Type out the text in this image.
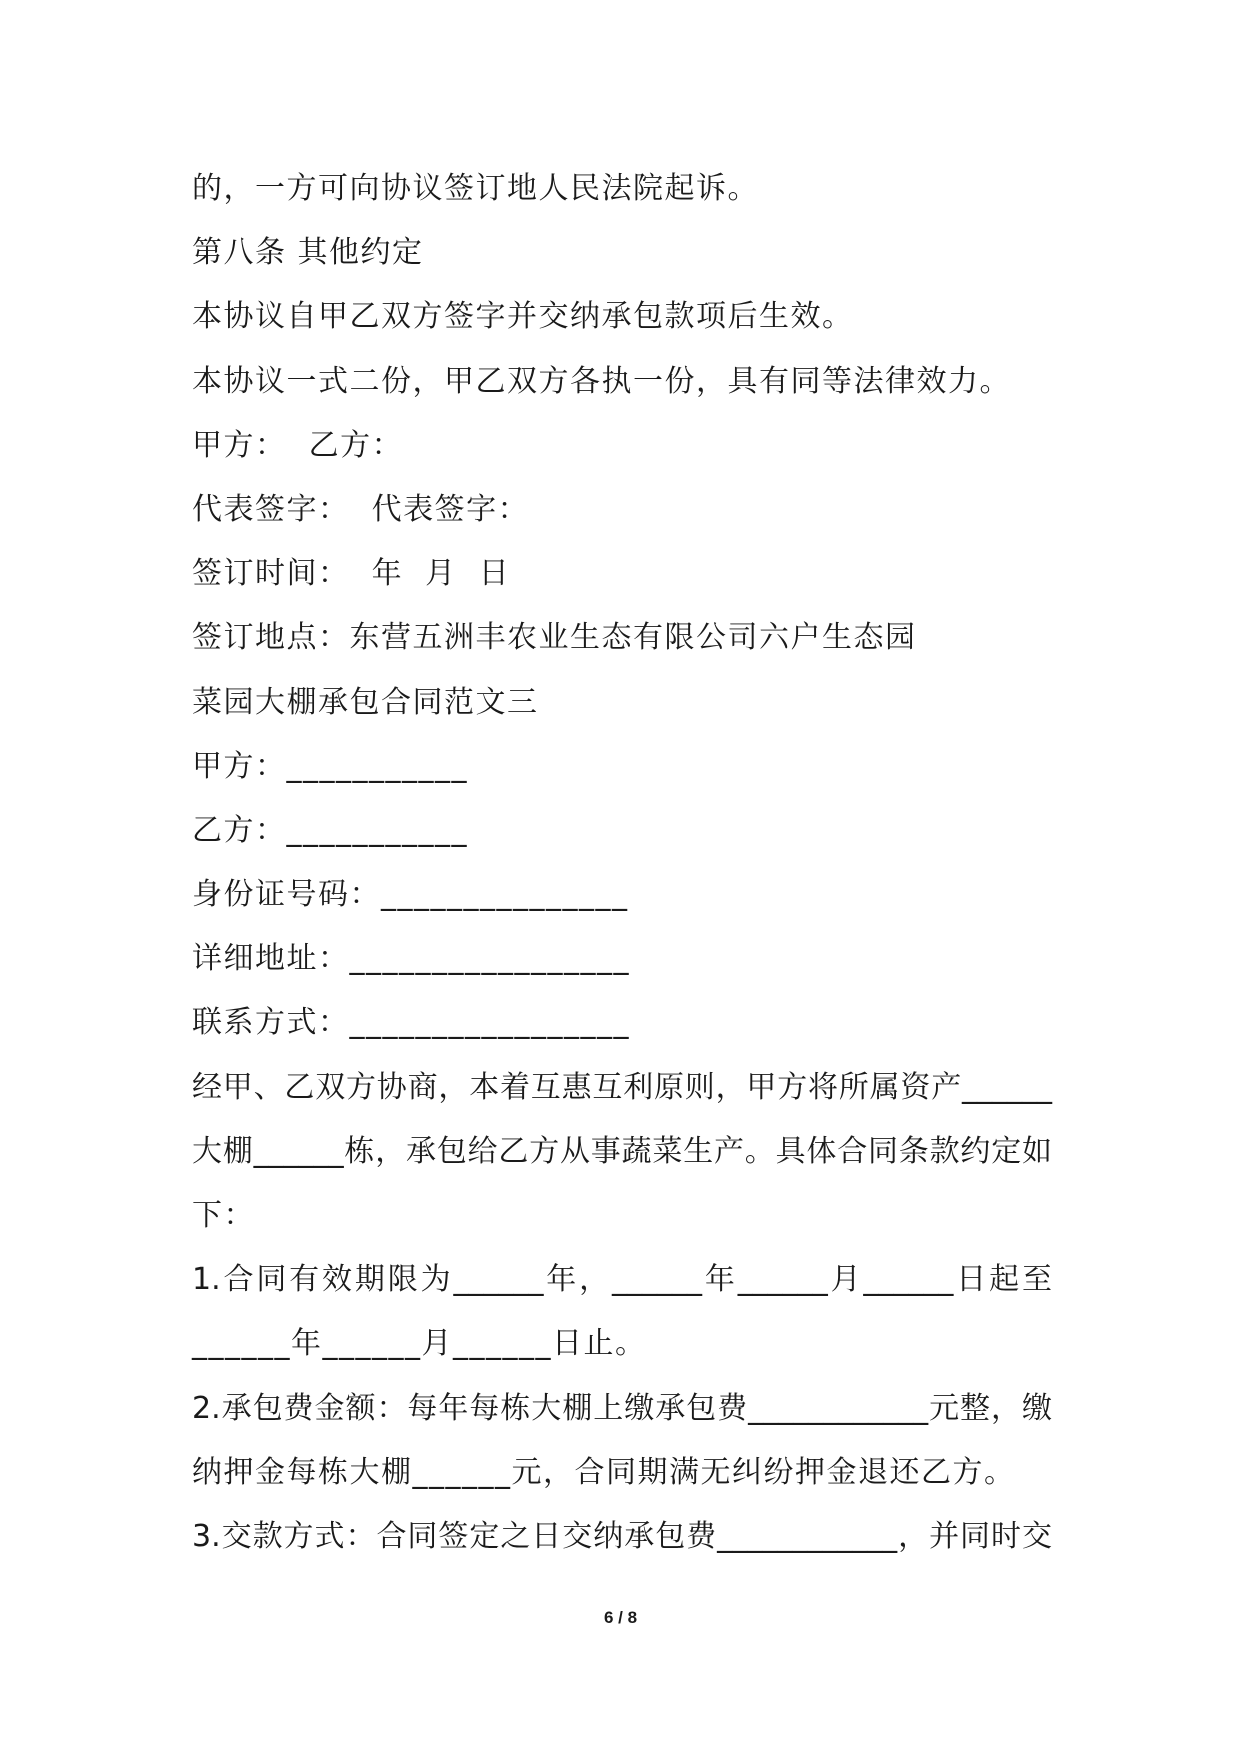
的，一方可向协议签订地人民法院起诉。
第八条 其他约定
本协议自甲乙双方签字并交纳承包款项后生效。
本协议一式二份，甲乙双方各执一份，具有同等法律效力。
甲方：  乙方：
代表签字：  代表签字：
签订时间：  年  月  日
签订地点：东营五洲丰农业生态有限公司六户生态园
菜园大棚承包合同范文三
甲方：___________
乙方：___________
身份证号码：_______________
详细地址：_________________
联系方式：_________________
经甲、乙双方协商，本着互惠互利原则，甲方将所属资产______
大棚______栋，承包给乙方从事蔬菜生产。具体合同条款约定如
下：
1.合同有效期限为______年，______年______月______日起至
______年______月______日止。
2.承包费金额：每年每栋大棚上缴承包费____________元整，缴
纳押金每栋大棚______元，合同期满无纠纷押金退还乙方。
3.交款方式：合同签定之日交纳承包费____________，并同时交
6 / 8
